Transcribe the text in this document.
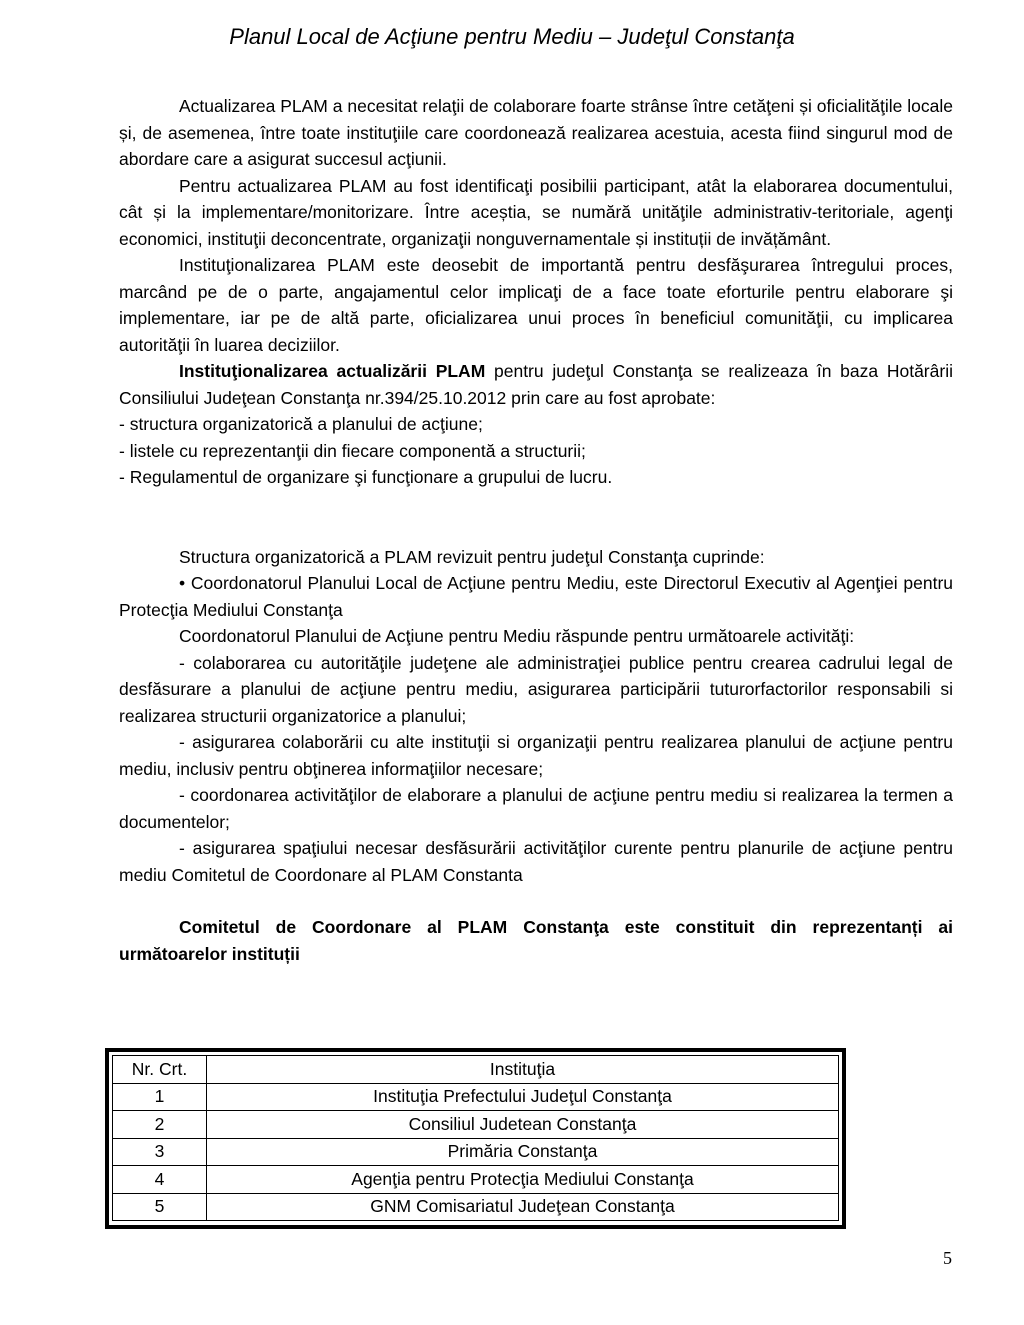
Planul Local de Acţiune pentru Mediu – Judeţul Constanţa

Actualizarea PLAM a necesitat relaţii de colaborare foarte strânse între cetăţeni și oficialităţile locale și, de asemenea, între toate instituţiile care coordonează realizarea acestuia, acesta fiind singurul mod de abordare care a asigurat succesul acţiunii.

Pentru actualizarea PLAM au fost identificaţi posibilii participant, atât la elaborarea documentului, cât și la implementare/monitorizare. Între aceștia, se numără unităţile administrativ-teritoriale, agenţi economici, instituţii deconcentrate, organizaţii nonguvernamentale și instituții de invățământ.

Instituţionalizarea PLAM este deosebit de importantă pentru desfăşurarea întregului proces, marcând pe de o parte, angajamentul celor implicaţi de a face toate eforturile pentru elaborare şi implementare, iar pe de altă parte, oficializarea unui proces în beneficiul comunităţii, cu implicarea autorităţii în luarea deciziilor.

Instituţionalizarea actualizării PLAM pentru judeţul Constanţa se realizeaza în baza Hotărârii Consiliului Judeţean Constanţa nr.394/25.10.2012 prin care au fost aprobate:

- structura organizatorică a planului de acţiune;

- listele cu reprezentanţii din fiecare componentă a structurii;

- Regulamentul de organizare şi funcţionare a grupului de lucru.

Structura organizatorică a PLAM revizuit pentru judeţul Constanţa cuprinde:

• Coordonatorul Planului Local de Acţiune pentru Mediu, este Directorul Executiv al Agenţiei pentru Protecţia Mediului Constanţa

Coordonatorul Planului de Acţiune pentru Mediu răspunde pentru următoarele activităţi:

- colaborarea cu autorităţile judeţene ale administraţiei publice pentru crearea cadrului legal de desfăsurare a planului de acţiune pentru mediu, asigurarea participării tuturorfactorilor responsabili si realizarea structurii organizatorice a planului;

- asigurarea colaborării cu alte instituţii si organizaţii pentru realizarea planului de acţiune pentru mediu, inclusiv pentru obţinerea informaţiilor necesare;

- coordonarea activităţilor de elaborare a planului de acţiune pentru mediu si realizarea la termen a documentelor;

- asigurarea spaţiului necesar desfăsurării activităţilor curente pentru planurile de acţiune pentru mediu Comitetul de Coordonare al PLAM Constanta

Comitetul de Coordonare al PLAM Constanţa este constituit din reprezentanți ai următoarelor instituții

Nr. Crt.	Instituţia
1	Instituţia Prefectului Judeţul Constanţa
2	Consiliul Judetean Constanţa
3	Primăria Constanţa
4	Agenţia pentru Protecţia Mediului Constanţa
5	GNM Comisariatul Judeţean Constanţa
5
